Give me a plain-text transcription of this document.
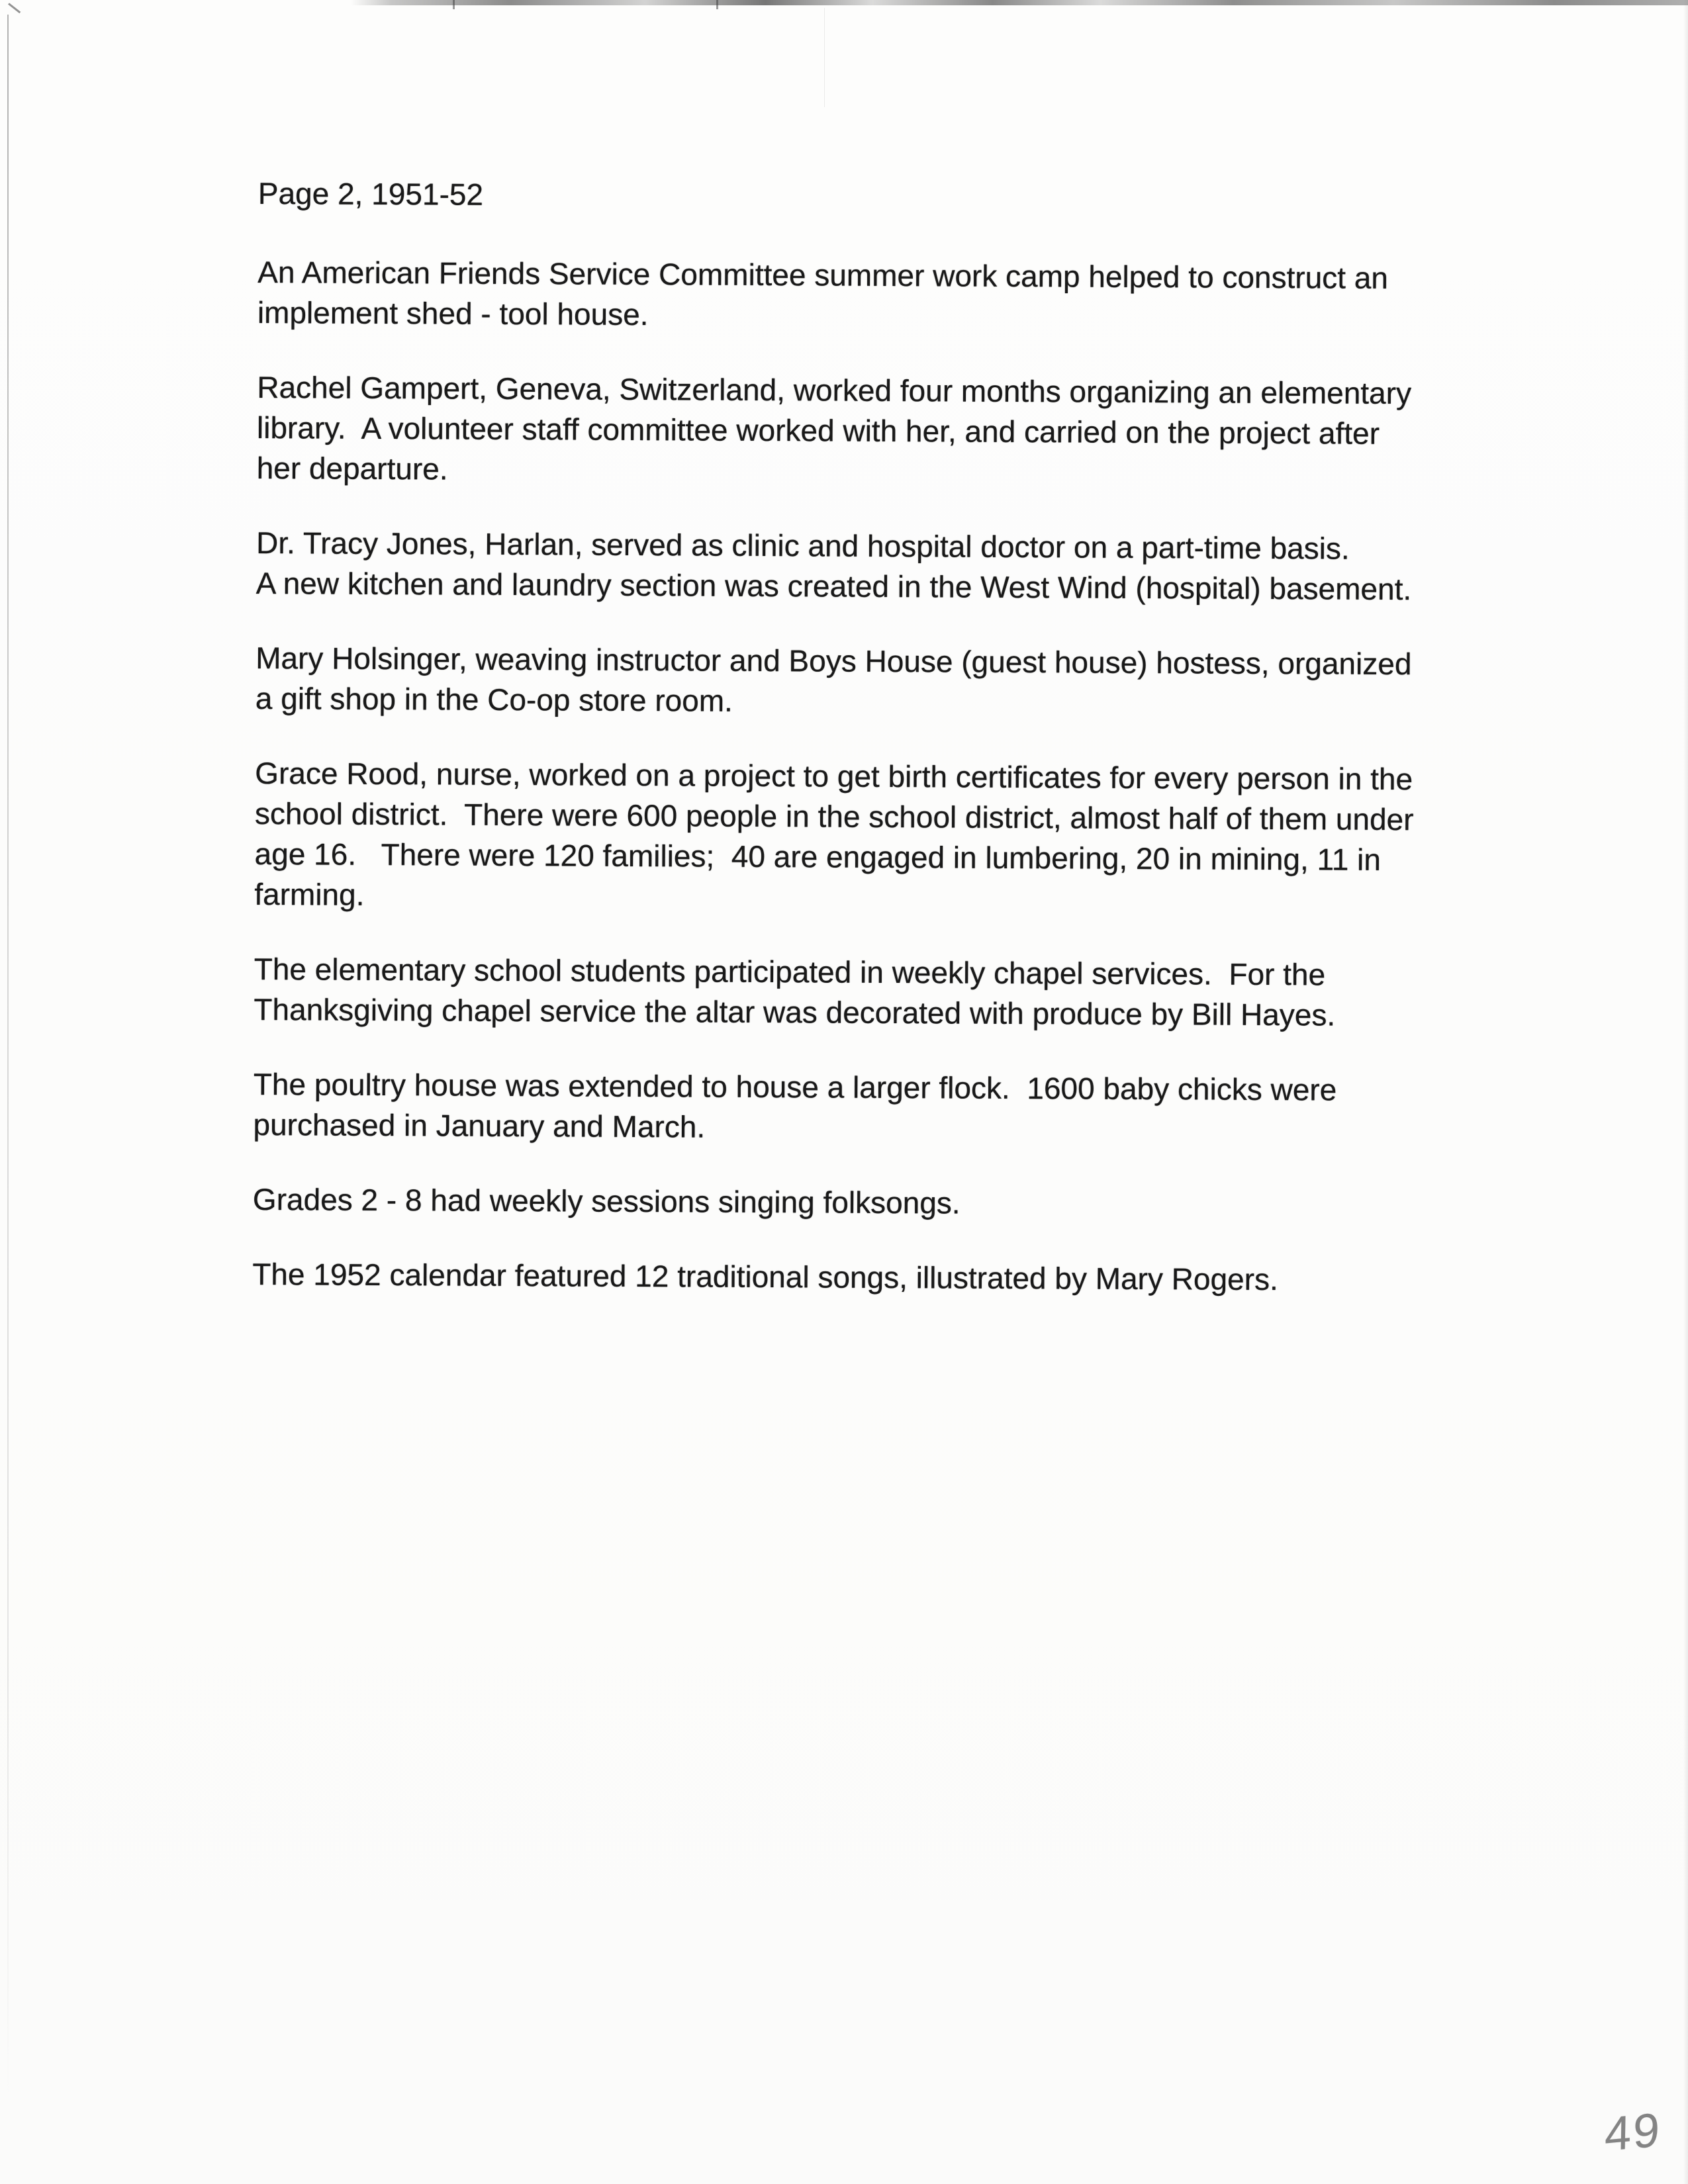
Page 2, 1951-52
An American Friends Service Committee summer work camp helped to construct an
implement shed - tool house.
Rachel Gampert, Geneva, Switzerland, worked four months organizing an elementary
library.  A volunteer staff committee worked with her, and carried on the project after
her departure.
Dr. Tracy Jones, Harlan, served as clinic and hospital doctor on a part-time basis.
A new kitchen and laundry section was created in the West Wind (hospital) basement.
Mary Holsinger, weaving instructor and Boys House (guest house) hostess, organized
a gift shop in the Co-op store room.
Grace Rood, nurse, worked on a project to get birth certificates for every person in the
school district.  There were 600 people in the school district, almost half of them under
age 16.   There were 120 families;  40 are engaged in lumbering, 20 in mining, 11 in
farming.
The elementary school students participated in weekly chapel services.  For the
Thanksgiving chapel service the altar was decorated with produce by Bill Hayes.
The poultry house was extended to house a larger flock.  1600 baby chicks were
purchased in January and March.
Grades 2 - 8 had weekly sessions singing folksongs.
The 1952 calendar featured 12 traditional songs, illustrated by Mary Rogers.
49
